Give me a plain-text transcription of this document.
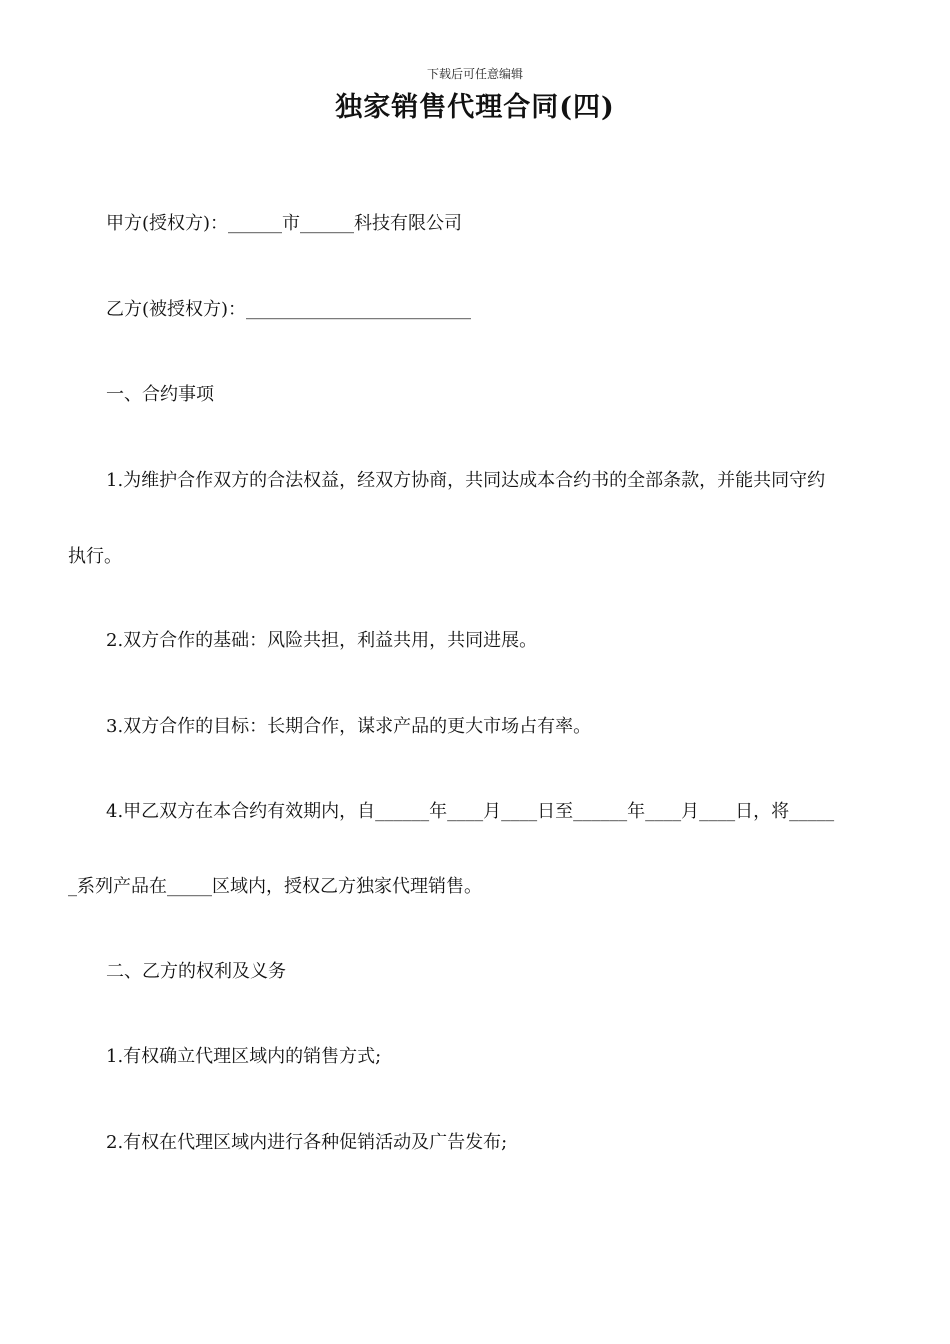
下载后可任意编辑
独家销售代理合同(四)

甲方(授权方)：______市______科技有限公司

乙方(被授权方)：_________________________

一、合约事项

1.为维护合作双方的合法权益，经双方协商，共同达成本合约书的全部条款，并能共同守约

执行。

2.双方合作的基础：风险共担，利益共用，共同进展。

3.双方合作的目标：长期合作，谋求产品的更大市场占有率。

4.甲乙双方在本合约有效期内，自______年____月____日至______年____月____日，将_____

_系列产品在_____区域内，授权乙方独家代理销售。

二、乙方的权利及义务

1.有权确立代理区域内的销售方式;

2.有权在代理区域内进行各种促销活动及广告发布;
